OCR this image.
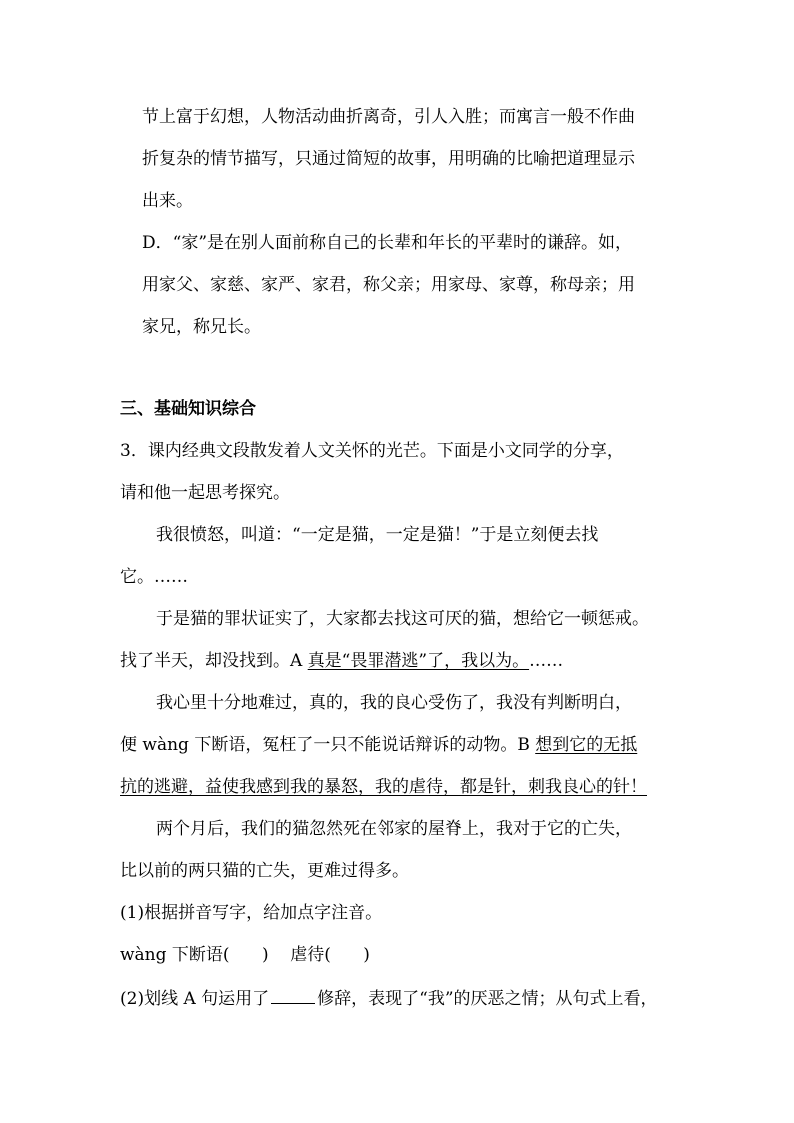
节上富于幻想，人物活动曲折离奇，引人入胜；而寓言一般不作曲
折复杂的情节描写，只通过简短的故事，用明确的比喻把道理显示
出来。
D．“家”是在别人面前称自己的长辈和年长的平辈时的谦辞。如，
用家父、家慈、家严、家君，称父亲；用家母、家尊，称母亲；用
家兄，称兄长。
三、基础知识综合
3．课内经典文段散发着人文关怀的光芒。下面是小文同学的分享，
请和他一起思考探究。
我很愤怒，叫道：“一定是猫，一定是猫！”于是立刻便去找
它。……
于是猫的罪状证实了，大家都去找这可厌的猫，想给它一顿惩戒。
找了半天，却没找到。A 真是“畏罪潜逃”了，我以为。……
我心里十分地难过，真的，我的良心受伤了，我没有判断明白，
便 wàng 下断语，冤枉了一只不能说话辩诉的动物。B 想到它的无抵
抗的逃避，益使我感到我的暴怒，我的虐待，都是针，刺我良心的针！
两个月后，我们的猫忽然死在邻家的屋脊上，我对于它的亡失，
比以前的两只猫的亡失，更难过得多。
(1)根据拼音写字，给加点字注音。
wàng 下断语(      )    虐待(      )
(2)划线 A 句运用了	修辞，表现了“我”的厌恶之情；从句式上看，
